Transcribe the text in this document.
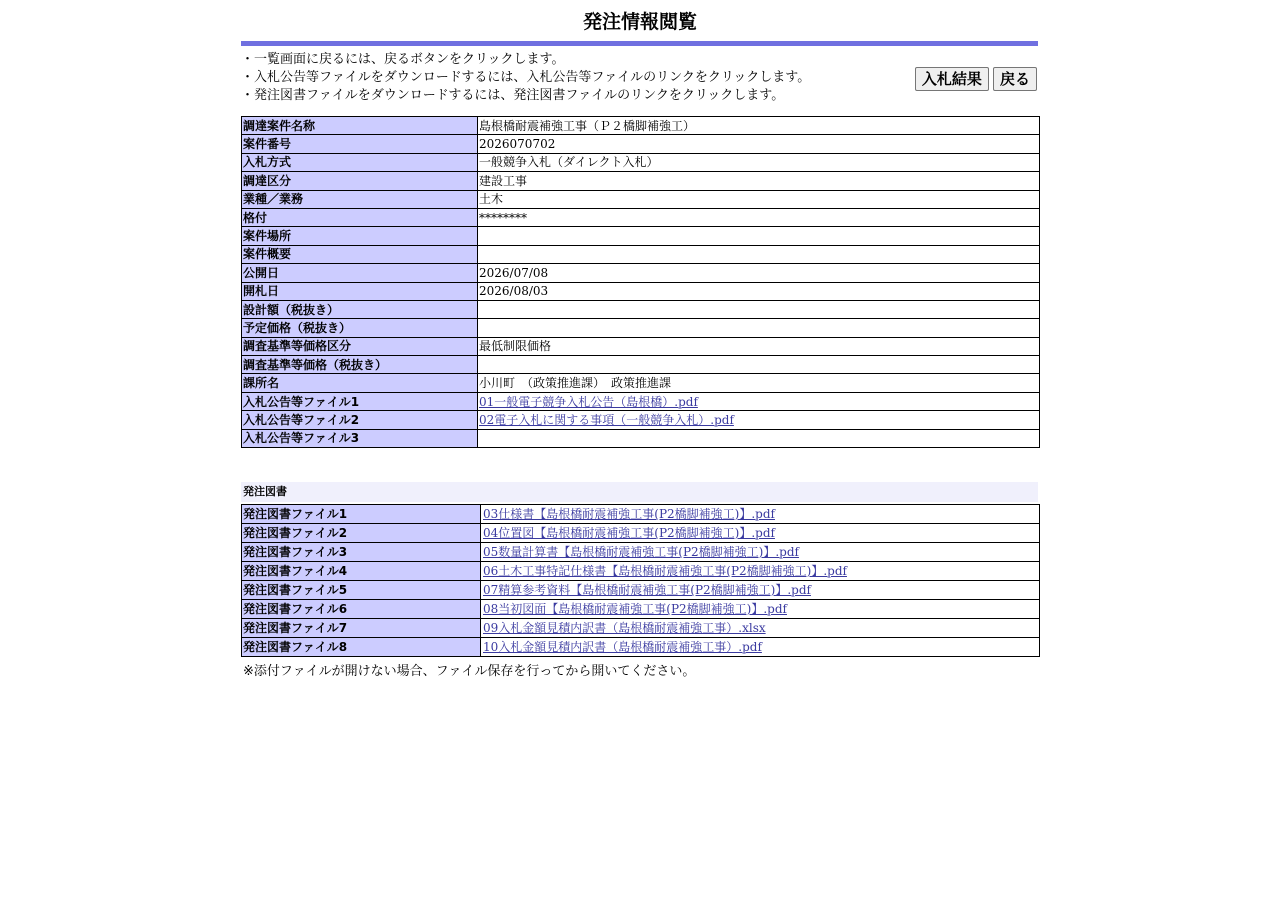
発注情報閲覧
・一覧画面に戻るには、戻るボタンをクリックします。
・入札公告等ファイルをダウンロードするには、入札公告等ファイルのリンクをクリックします。
・発注図書ファイルをダウンロードするには、発注図書ファイルのリンクをクリックします。
入札結果 戻る
調達案件名称	島根橋耐震補強工事（Ｐ２橋脚補強工）
案件番号	2026070702
入札方式	一般競争入札（ダイレクト入札）
調達区分	建設工事
業種／業務	土木
格付	********
案件場所	
案件概要	
公開日	2026/07/08
開札日	2026/08/03
設計額（税抜き）	
予定価格（税抜き）	
調査基準等価格区分	最低制限価格
調査基準等価格（税抜き）	
課所名	小川町　（政策推進課）　政策推進課
入札公告等ファイル1	01一般電子競争入札公告（島根橋）.pdf
入札公告等ファイル2	02電子入札に関する事項（一般競争入札）.pdf
入札公告等ファイル3	
発注図書
発注図書ファイル1	03仕様書【島根橋耐震補強工事(P2橋脚補強工)】.pdf
発注図書ファイル2	04位置図【島根橋耐震補強工事(P2橋脚補強工)】.pdf
発注図書ファイル3	05数量計算書【島根橋耐震補強工事(P2橋脚補強工)】.pdf
発注図書ファイル4	06土木工事特記仕様書【島根橋耐震補強工事(P2橋脚補強工)】.pdf
発注図書ファイル5	07精算参考資料【島根橋耐震補強工事(P2橋脚補強工)】.pdf
発注図書ファイル6	08当初図面【島根橋耐震補強工事(P2橋脚補強工)】.pdf
発注図書ファイル7	09入札金額見積内訳書（島根橋耐震補強工事）.xlsx
発注図書ファイル8	10入札金額見積内訳書（島根橋耐震補強工事）.pdf
※添付ファイルが開けない場合、ファイル保存を行ってから開いてください。
